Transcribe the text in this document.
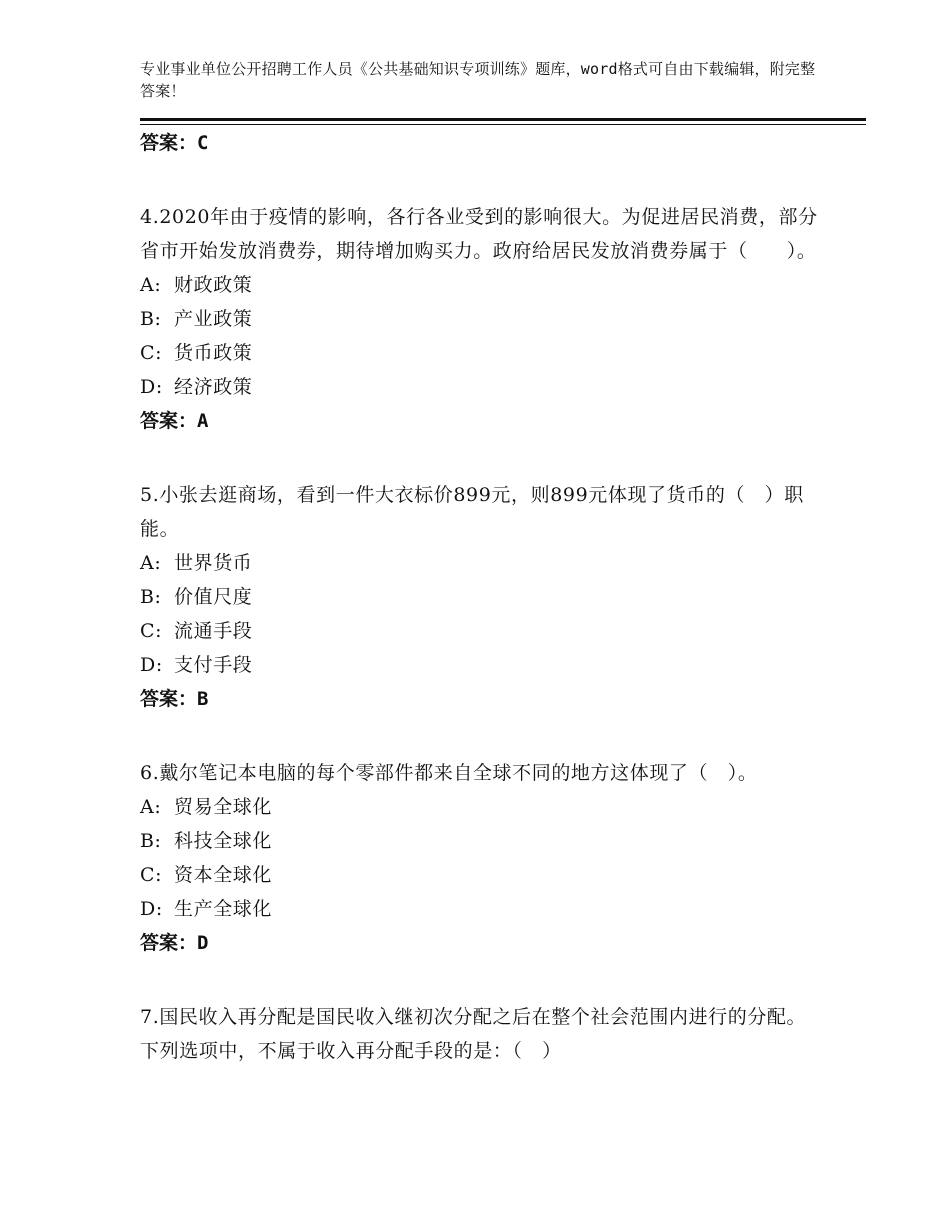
专业事业单位公开招聘工作人员《公共基础知识专项训练》题库，word格式可自由下载编辑，附完整答案！
答案：C
4.2020年由于疫情的影响，各行各业受到的影响很大。为促进居民消费，部分省市开始发放消费券，期待增加购买力。政府给居民发放消费券属于（　　）。
A: 财政政策
B: 产业政策
C: 货币政策
D: 经济政策
答案：A
5.小张去逛商场，看到一件大衣标价899元，则899元体现了货币的（　）职能。
A: 世界货币
B: 价值尺度
C: 流通手段
D: 支付手段
答案：B
6.戴尔笔记本电脑的每个零部件都来自全球不同的地方这体现了（　）。
A: 贸易全球化
B: 科技全球化
C: 资本全球化
D: 生产全球化
答案：D
7.国民收入再分配是国民收入继初次分配之后在整个社会范围内进行的分配。下列选项中，不属于收入再分配手段的是：（　）
